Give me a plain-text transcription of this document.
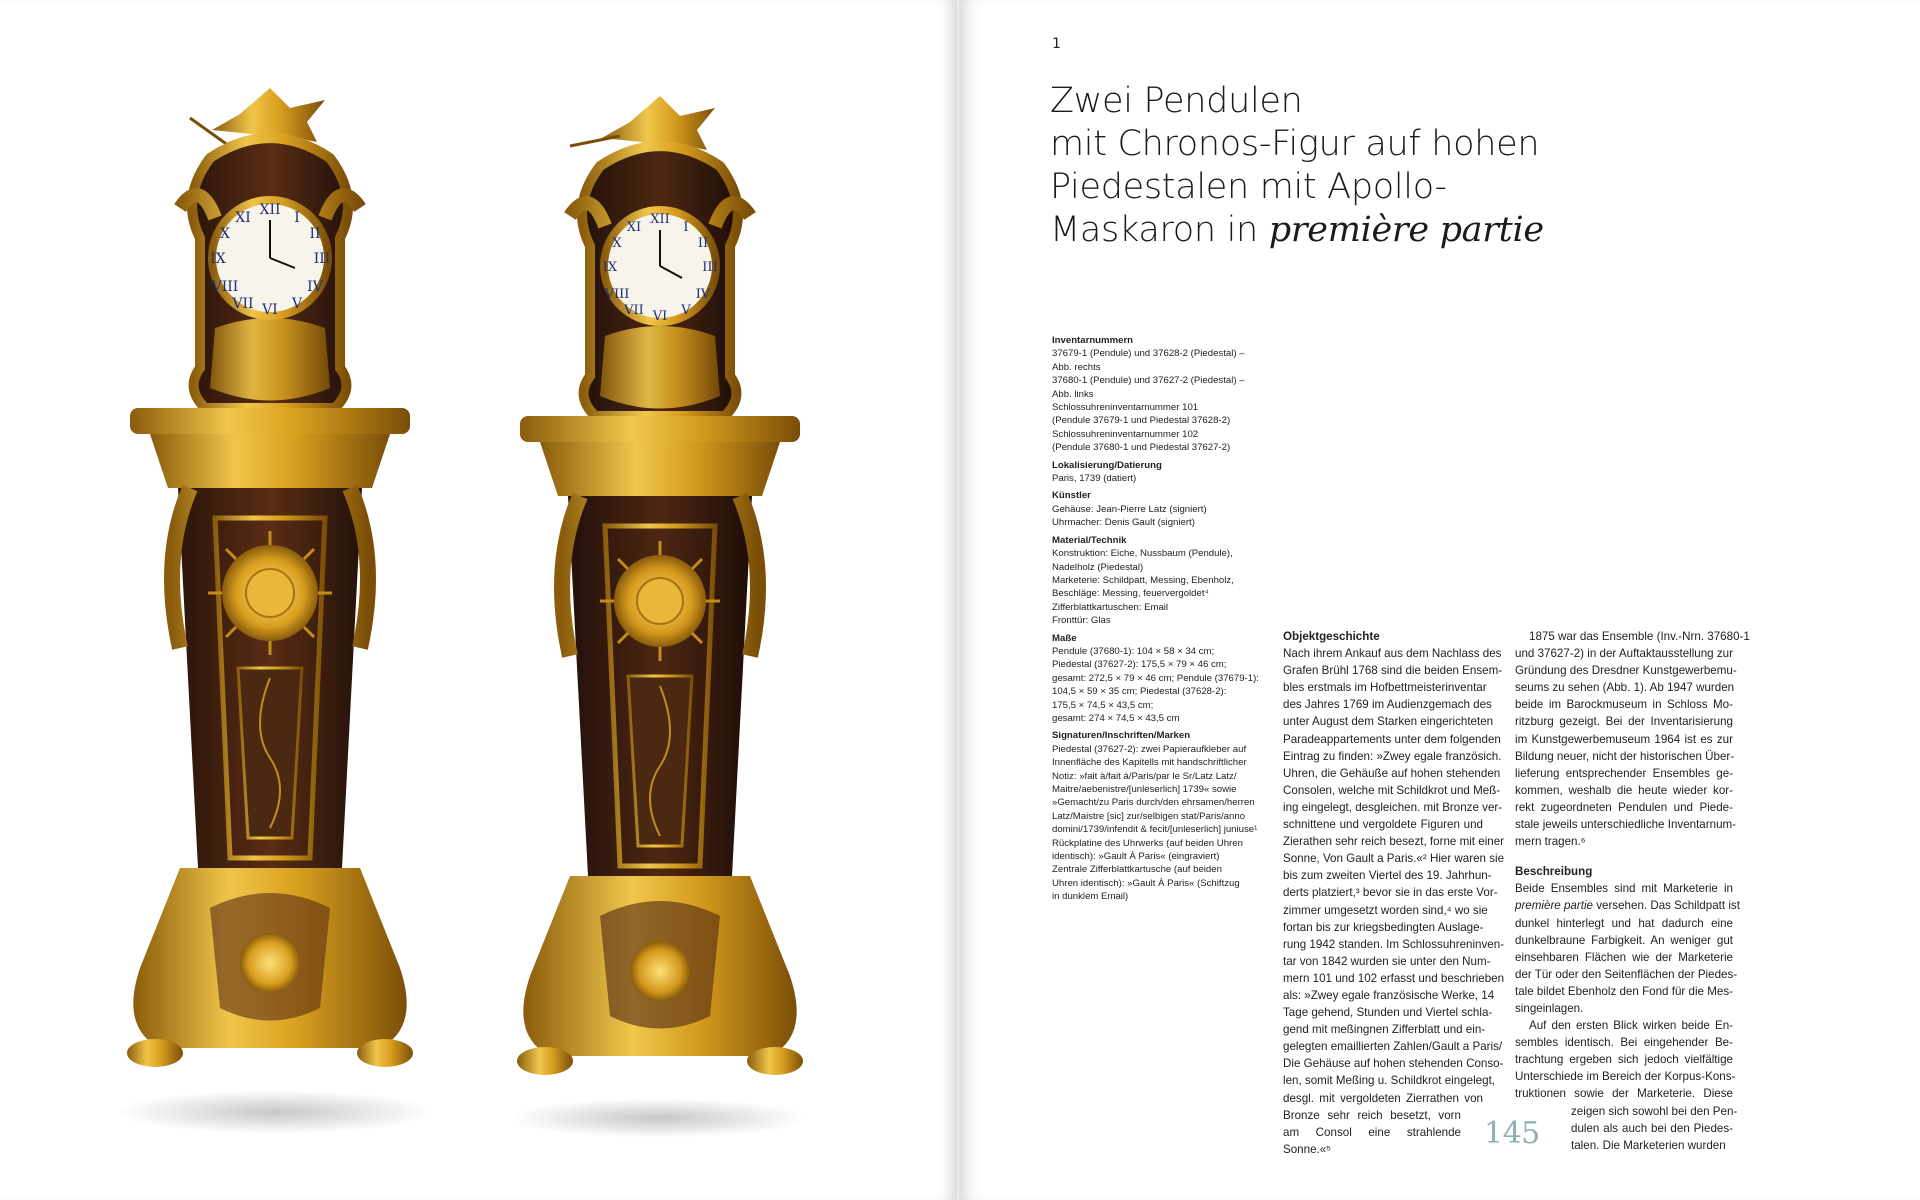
XII
VI
III
IX
I
XI
II
X
IV
VIII
V
VII
XII
VI
III
IX
I
XI
II
X
IV
VIII
V
VII
1
Zwei Pendulen
mit Chronos-Figur auf hohen
Piedestalen mit Apollo-
Maskaron in première partie
Inventarnummern
37679-1 (Pendule) und 37628-2 (Piedestal) –
Abb. rechts
37680-1 (Pendule) und 37627-2 (Piedestal) –
Abb. links
Schlossuhreninventarnummer 101
(Pendule 37679-1 und Piedestal 37628-2)
Schlossuhreninventarnummer 102
(Pendule 37680-1 und Piedestal 37627-2)
Lokalisierung/Datierung
Paris, 1739 (datiert)
Künstler
Gehäuse: Jean-Pierre Latz (signiert)
Uhrmacher: Denis Gault (signiert)
Material/Technik
Konstruktion: Eiche, Nussbaum (Pendule),
Nadelholz (Piedestal)
Marketerie: Schildpatt, Messing, Ebenholz,
Beschläge: Messing, feuervergoldet⁴
Zifferblattkartuschen: Email
Fronttür: Glas
Maße
Pendule (37680-1): 104 × 58 × 34 cm;
Piedestal (37627-2): 175,5 × 79 × 46 cm;
gesamt: 272,5 × 79 × 46 cm; Pendule (37679-1):
104,5 × 59 × 35 cm; Piedestal (37628-2):
175,5 × 74,5 × 43,5 cm;
gesamt: 274 × 74,5 × 43,5 cm
Signaturen/Inschriften/Marken
Piedestal (37627-2): zwei Papieraufkleber auf
Innenfläche des Kapitells mit handschriftlicher
Notiz: »fait à/fait à/Paris/par le Sr/Latz Latz/
Maitre/aebenistre/[unleserlich] 1739« sowie
»Gemacht/zu Paris durch/den ehrsamen/herren
Latz/Maistre [sic] zur/selbigen stat/Paris/anno
domini/1739/infendit & fecit/[unleserlich] juniuse¹
Rückplatine des Uhrwerks (auf beiden Uhren
identisch): »Gault À Paris« (eingraviert)
Zentrale Zifferblattkartusche (auf beiden
Uhren identisch): »Gault À Paris« (Schiftzug
in dunklem Email)
Objektgeschichte
Nach ihrem Ankauf aus dem Nachlass des
Grafen Brühl 1768 sind die beiden Ensem-
bles erstmals im Hofbettmeisterinventar
des Jahres 1769 im Audienzgemach des
unter August dem Starken eingerichteten
Paradeappartements unter dem folgenden
Eintrag zu finden: »Zwey egale französich.
Uhren, die Gehäuße auf hohen stehenden
Consolen, welche mit Schildkrot und Meß-
ing eingelegt, desgleichen. mit Bronze ver-
schnittene und vergoldete Figuren und
Zierathen sehr reich besezt, forne mit einer
Sonne, Von Gault a Paris.«² Hier waren sie
bis zum zweiten Viertel des 19. Jahrhun-
derts platziert,³ bevor sie in das erste Vor-
zimmer umgesetzt worden sind,⁴ wo sie
fortan bis zur kriegsbedingten Auslage-
rung 1942 standen. Im Schlossuhreninven-
tar von 1842 wurden sie unter den Num-
mern 101 und 102 erfasst und beschrieben
als: »Zwey egale französische Werke, 14
Tage gehend, Stunden und Viertel schla-
gend mit meßingnen Zifferblatt und ein-
gelegten emaillierten Zahlen/Gault a Paris/
Die Gehäuse auf hohen stehenden Conso-
len, somit Meßing u. Schildkrot eingelegt,
desgl. mit vergoldeten Zierrathen von
Bronze sehr reich besetzt, vorn
am Consol eine strahlende
Sonne.«⁵
1875 war das Ensemble (Inv.-Nrn. 37680-1
und 37627-2) in der Auftaktausstellung zur
Gründung des Dresdner Kunstgewerbemu-
seums zu sehen (Abb. 1). Ab 1947 wurden
beide im Barockmuseum in Schloss Mo-
ritzburg gezeigt. Bei der Inventarisierung
im Kunstgewerbemuseum 1964 ist es zur
Bildung neuer, nicht der historischen Über-
lieferung entsprechender Ensembles ge-
kommen, weshalb die heute wieder kor-
rekt zugeordneten Pendulen und Piede-
stale jeweils unterschiedliche Inventarnum-
mern tragen.⁶
Beschreibung
Beide Ensembles sind mit Marketerie in
première partie versehen. Das Schildpatt ist
dunkel hinterlegt und hat dadurch eine
dunkelbraune Farbigkeit. An weniger gut
einsehbaren Flächen wie der Marketerie
der Tür oder den Seitenflächen der Piedes-
tale bildet Ebenholz den Fond für die Mes-
singeinlagen.
Auf den ersten Blick wirken beide En-
sembles identisch. Bei eingehender Be-
trachtung ergeben sich jedoch vielfältige
Unterschiede im Bereich der Korpus-Kons-
truktionen sowie der Marketerie. Diese
zeigen sich sowohl bei den Pen-
dulen als auch bei den Piedes-
talen. Die Marketerien wurden
145
